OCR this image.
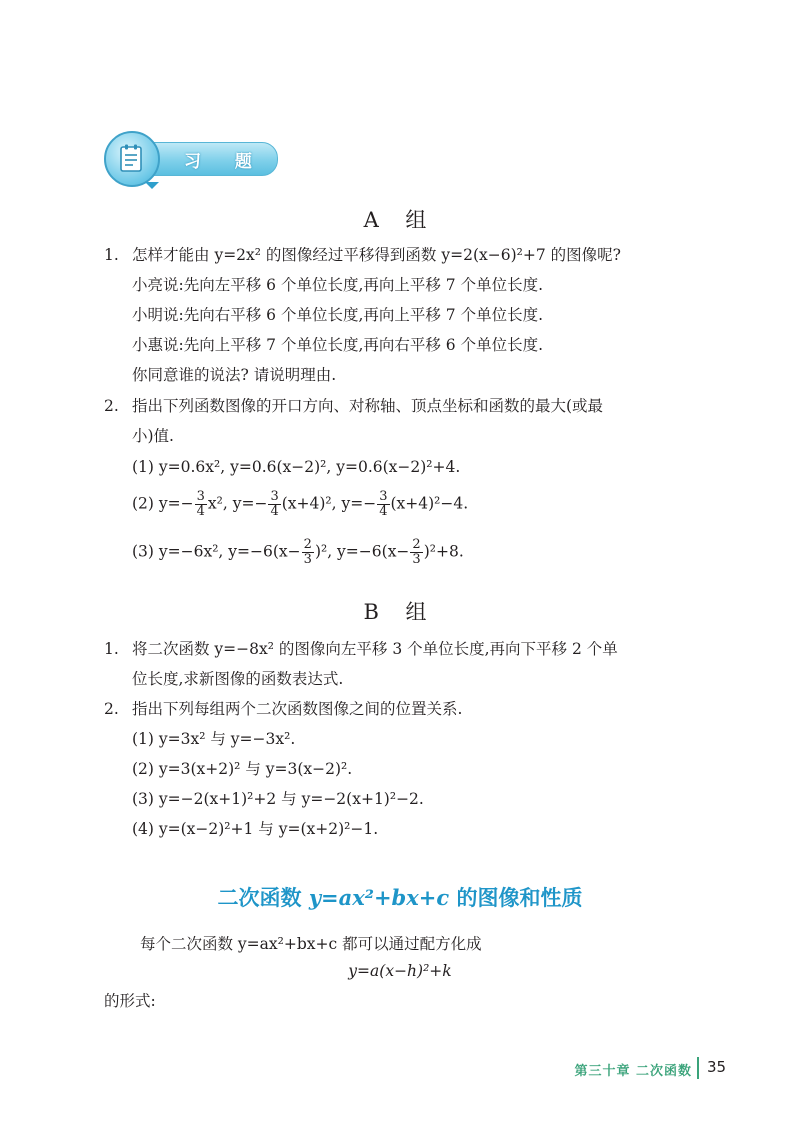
习 题
A 组
1. 怎样才能由 y=2x² 的图像经过平移得到函数 y=2(x−6)²+7 的图像呢?
小亮说:先向左平移 6 个单位长度,再向上平移 7 个单位长度.
小明说:先向右平移 6 个单位长度,再向上平移 7 个单位长度.
小惠说:先向上平移 7 个单位长度,再向右平移 6 个单位长度.
你同意谁的说法? 请说明理由.
2. 指出下列函数图像的开口方向、对称轴、顶点坐标和函数的最大(或最
小)值.
(1) y=0.6x², y=0.6(x−2)², y=0.6(x−2)²+4.
(2) $y=- \frac{3}{4} x^2$, $y=- \frac{3}{4} (x+4)^2$, $y=- \frac{3}{4} (x+4)^2-4$.
(3) y=−6x², $y=-6(x- \frac{2}{3} )^2$, $y=-6(x- \frac{2}{3} )^2+8$.
B 组
1. 将二次函数 y=−8x² 的图像向左平移 3 个单位长度,再向下平移 2 个单
位长度,求新图像的函数表达式.
2. 指出下列每组两个二次函数图像之间的位置关系.
(1) y=3x² 与 y=−3x².
(2) y=3(x+2)² 与 y=3(x−2)².
(3) y=−2(x+1)²+2 与 y=−2(x+1)²−2.
(4) y=(x−2)²+1 与 y=(x+2)²−1.
二次函数 y=ax²+bx+c 的图像和性质
每个二次函数 y=ax²+bx+c 都可以通过配方化成
y=a(x−h)²+k
的形式:
第三十章 二次函数 35
